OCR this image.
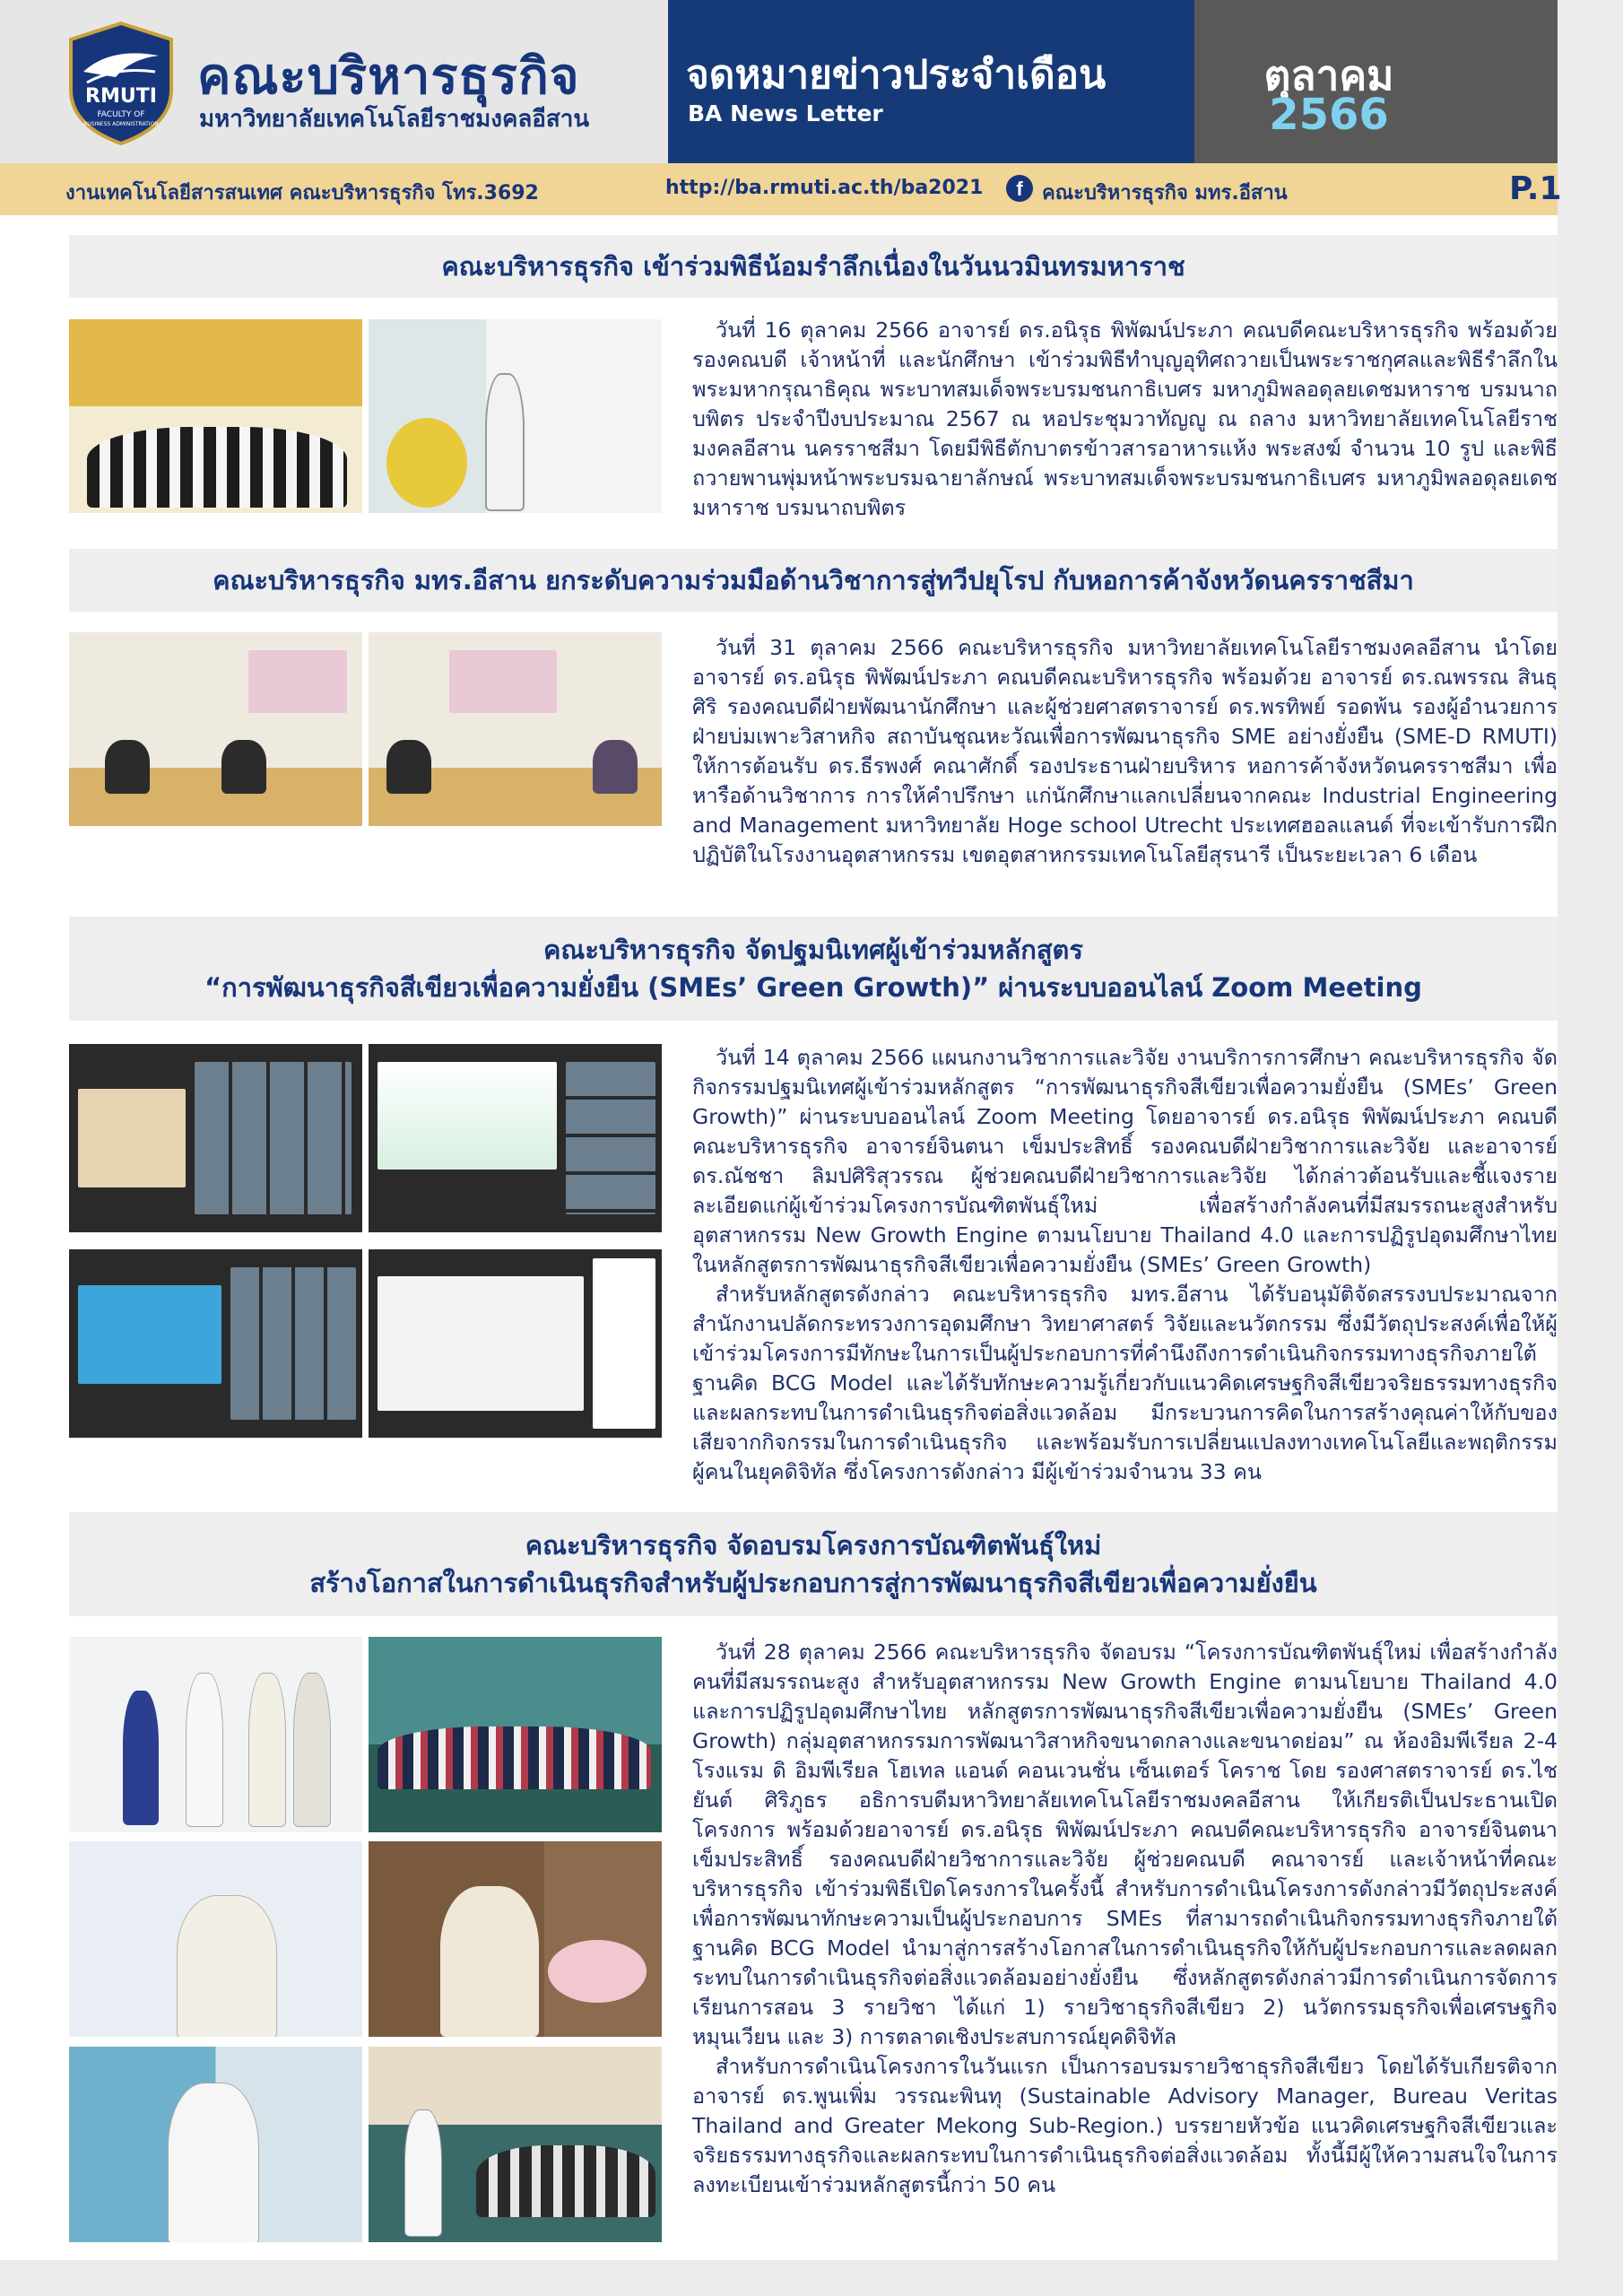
RMUTI
FACULTY OF
BUSINESS ADMINISTRATION
คณะบริหารธุรกิจ
มหาวิทยาลัยเทคโนโลยีราชมงคลอีสาน
จดหมายข่าวประจำเดือน
BA News Letter
ตุลาคม
2566
งานเทคโนโลยีสารสนเทศ คณะบริหารธุรกิจ โทร.3692	http://ba.rmuti.ac.th/ba2021	f คณะบริหารธุรกิจ มทร.อีสาน	P.1
คณะบริหารธุรกิจ เข้าร่วมพิธีน้อมรำลึกเนื่องในวันนวมินทรมหาราช

วันที่ 16 ตุลาคม 2566 อาจารย์ ดร.อนิรุธ พิพัฒน์ประภา คณบดีคณะบริหารธุรกิจ พร้อมด้วยรองคณบดี เจ้าหน้าที่ และนักศึกษา เข้าร่วมพิธีทำบุญอุทิศถวายเป็นพระราชกุศลและพิธีรำลึกในพระมหากรุณาธิคุณ พระบาทสมเด็จพระบรมชนกาธิเบศร มหาภูมิพลอดุลยเดชมหาราช บรมนาถบพิตร ประจำปีงบประมาณ 2567 ณ หอประชุมวาทัญญู ณ ถลาง มหาวิทยาลัยเทคโนโลยีราชมงคลอีสาน นครราชสีมา โดยมีพิธีตักบาตรข้าวสารอาหารแห้ง พระสงฆ์ จำนวน 10 รูป และพิธีถวายพานพุ่มหน้าพระบรมฉายาลักษณ์ พระบาทสมเด็จพระบรมชนกาธิเบศร มหาภูมิพลอดุลยเดชมหาราช บรมนาถบพิตร

คณะบริหารธุรกิจ มทร.อีสาน ยกระดับความร่วมมือด้านวิชาการสู่ทวีปยุโรป กับหอการค้าจังหวัดนครราชสีมา

วันที่ 31 ตุลาคม 2566 คณะบริหารธุรกิจ มหาวิทยาลัยเทคโนโลยีราชมงคลอีสาน นำโดย อาจารย์ ดร.อนิรุธ พิพัฒน์ประภา คณบดีคณะบริหารธุรกิจ พร้อมด้วย อาจารย์ ดร.ณพรรณ สินธุศิริ รองคณบดีฝ่ายพัฒนานักศึกษา และผู้ช่วยศาสตราจารย์ ดร.พรทิพย์ รอดพ้น รองผู้อำนวยการฝ่ายบ่มเพาะวิสาหกิจ สถาบันชุณหะวัณเพื่อการพัฒนาธุรกิจ SME อย่างยั่งยืน (SME-D RMUTI) ให้การต้อนรับ ดร.ธีรพงศ์ คณาศักดิ์ รองประธานฝ่ายบริหาร หอการค้าจังหวัดนครราชสีมา เพื่อหารือด้านวิชาการ การให้คำปรึกษา แก่นักศึกษาแลกเปลี่ยนจากคณะ Industrial Engineering and Management มหาวิทยาลัย Hoge school Utrecht ประเทศฮอลแลนด์ ที่จะเข้ารับการฝึกปฏิบัติในโรงงานอุตสาหกรรม เขตอุตสาหกรรมเทคโนโลยีสุรนารี เป็นระยะเวลา 6 เดือน

คณะบริหารธุรกิจ จัดปฐมนิเทศผู้เข้าร่วมหลักสูตร
“การพัฒนาธุรกิจสีเขียวเพื่อความยั่งยืน (SMEs’ Green Growth)” ผ่านระบบออนไลน์ Zoom Meeting

วันที่ 14 ตุลาคม 2566 แผนกงานวิชาการและวิจัย งานบริการการศึกษา คณะบริหารธุรกิจ จัดกิจกรรมปฐมนิเทศผู้เข้าร่วมหลักสูตร “การพัฒนาธุรกิจสีเขียวเพื่อความยั่งยืน (SMEs’ Green Growth)” ผ่านระบบออนไลน์ Zoom Meeting โดยอาจารย์ ดร.อนิรุธ พิพัฒน์ประภา คณบดีคณะบริหารธุรกิจ อาจารย์จินตนา เข็มประสิทธิ์ รองคณบดีฝ่ายวิชาการและวิจัย และอาจารย์ ดร.ณัชชา ลิมปศิริสุวรรณ ผู้ช่วยคณบดีฝ่ายวิชาการและวิจัย ได้กล่าวต้อนรับและชี้แจงรายละเอียดแก่ผู้เข้าร่วมโครงการบัณฑิตพันธุ์ใหม่ เพื่อสร้างกำลังคนที่มีสมรรถนะสูงสำหรับอุตสาหกรรม New Growth Engine ตามนโยบาย Thailand 4.0 และการปฏิรูปอุดมศึกษาไทย ในหลักสูตรการพัฒนาธุรกิจสีเขียวเพื่อความยั่งยืน (SMEs’ Green Growth)

สำหรับหลักสูตรดังกล่าว คณะบริหารธุรกิจ มทร.อีสาน ได้รับอนุมัติจัดสรรงบประมาณจากสำนักงานปลัดกระทรวงการอุดมศึกษา วิทยาศาสตร์ วิจัยและนวัตกรรม ซึ่งมีวัตถุประสงค์เพื่อให้ผู้เข้าร่วมโครงการมีทักษะในการเป็นผู้ประกอบการที่คำนึงถึงการดำเนินกิจกรรมทางธุรกิจภายใต้ฐานคิด BCG Model และได้รับทักษะความรู้เกี่ยวกับแนวคิดเศรษฐกิจสีเขียวจริยธรรมทางธุรกิจและผลกระทบในการดำเนินธุรกิจต่อสิ่งแวดล้อม มีกระบวนการคิดในการสร้างคุณค่าให้กับของเสียจากกิจกรรมในการดำเนินธุรกิจ และพร้อมรับการเปลี่ยนแปลงทางเทคโนโลยีและพฤติกรรมผู้คนในยุคดิจิทัล ซึ่งโครงการดังกล่าว มีผู้เข้าร่วมจำนวน 33 คน

คณะบริหารธุรกิจ จัดอบรมโครงการบัณฑิตพันธุ์ใหม่
สร้างโอกาสในการดำเนินธุรกิจสำหรับผู้ประกอบการสู่การพัฒนาธุรกิจสีเขียวเพื่อความยั่งยืน

วันที่ 28 ตุลาคม 2566 คณะบริหารธุรกิจ จัดอบรม “โครงการบัณฑิตพันธุ์ใหม่ เพื่อสร้างกำลังคนที่มีสมรรถนะสูง สำหรับอุตสาหกรรม New Growth Engine ตามนโยบาย Thailand 4.0 และการปฏิรูปอุดมศึกษาไทย หลักสูตรการพัฒนาธุรกิจสีเขียวเพื่อความยั่งยืน (SMEs’ Green Growth) กลุ่มอุตสาหกรรมการพัฒนาวิสาหกิจขนาดกลางและขนาดย่อม” ณ ห้องอิมพีเรียล 2-4 โรงแรม ดิ อิมพีเรียล โฮเทล แอนด์ คอนเวนชั่น เซ็นเตอร์ โคราช โดย รองศาสตราจารย์ ดร.ไชยันต์ ศิริภูธร อธิการบดีมหาวิทยาลัยเทคโนโลยีราชมงคลอีสาน ให้เกียรติเป็นประธานเปิดโครงการ พร้อมด้วยอาจารย์ ดร.อนิรุธ พิพัฒน์ประภา คณบดีคณะบริหารธุรกิจ อาจารย์จินตนา เข็มประสิทธิ์ รองคณบดีฝ่ายวิชาการและวิจัย ผู้ช่วยคณบดี คณาจารย์ และเจ้าหน้าที่คณะบริหารธุรกิจ เข้าร่วมพิธีเปิดโครงการในครั้งนี้ สำหรับการดำเนินโครงการดังกล่าวมีวัตถุประสงค์เพื่อการพัฒนาทักษะความเป็นผู้ประกอบการ SMEs ที่สามารถดำเนินกิจกรรมทางธุรกิจภายใต้ฐานคิด BCG Model นำมาสู่การสร้างโอกาสในการดำเนินธุรกิจให้กับผู้ประกอบการและลดผลกระทบในการดำเนินธุรกิจต่อสิ่งแวดล้อมอย่างยั่งยืน ซึ่งหลักสูตรดังกล่าวมีการดำเนินการจัดการเรียนการสอน 3 รายวิชา ได้แก่ 1) รายวิชาธุรกิจสีเขียว 2) นวัตกรรมธุรกิจเพื่อเศรษฐกิจหมุนเวียน และ 3) การตลาดเชิงประสบการณ์ยุคดิจิทัล

สำหรับการดำเนินโครงการในวันแรก เป็นการอบรมรายวิชาธุรกิจสีเขียว โดยได้รับเกียรติจากอาจารย์ ดร.พูนเพิ่ม วรรณะพินทุ (Sustainable Advisory Manager, Bureau Veritas Thailand and Greater Mekong Sub-Region.) บรรยายหัวข้อ แนวคิดเศรษฐกิจสีเขียวและจริยธรรมทางธุรกิจและผลกระทบในการดำเนินธุรกิจต่อสิ่งแวดล้อม ทั้งนี้มีผู้ให้ความสนใจในการลงทะเบียนเข้าร่วมหลักสูตรนี้กว่า 50 คน
